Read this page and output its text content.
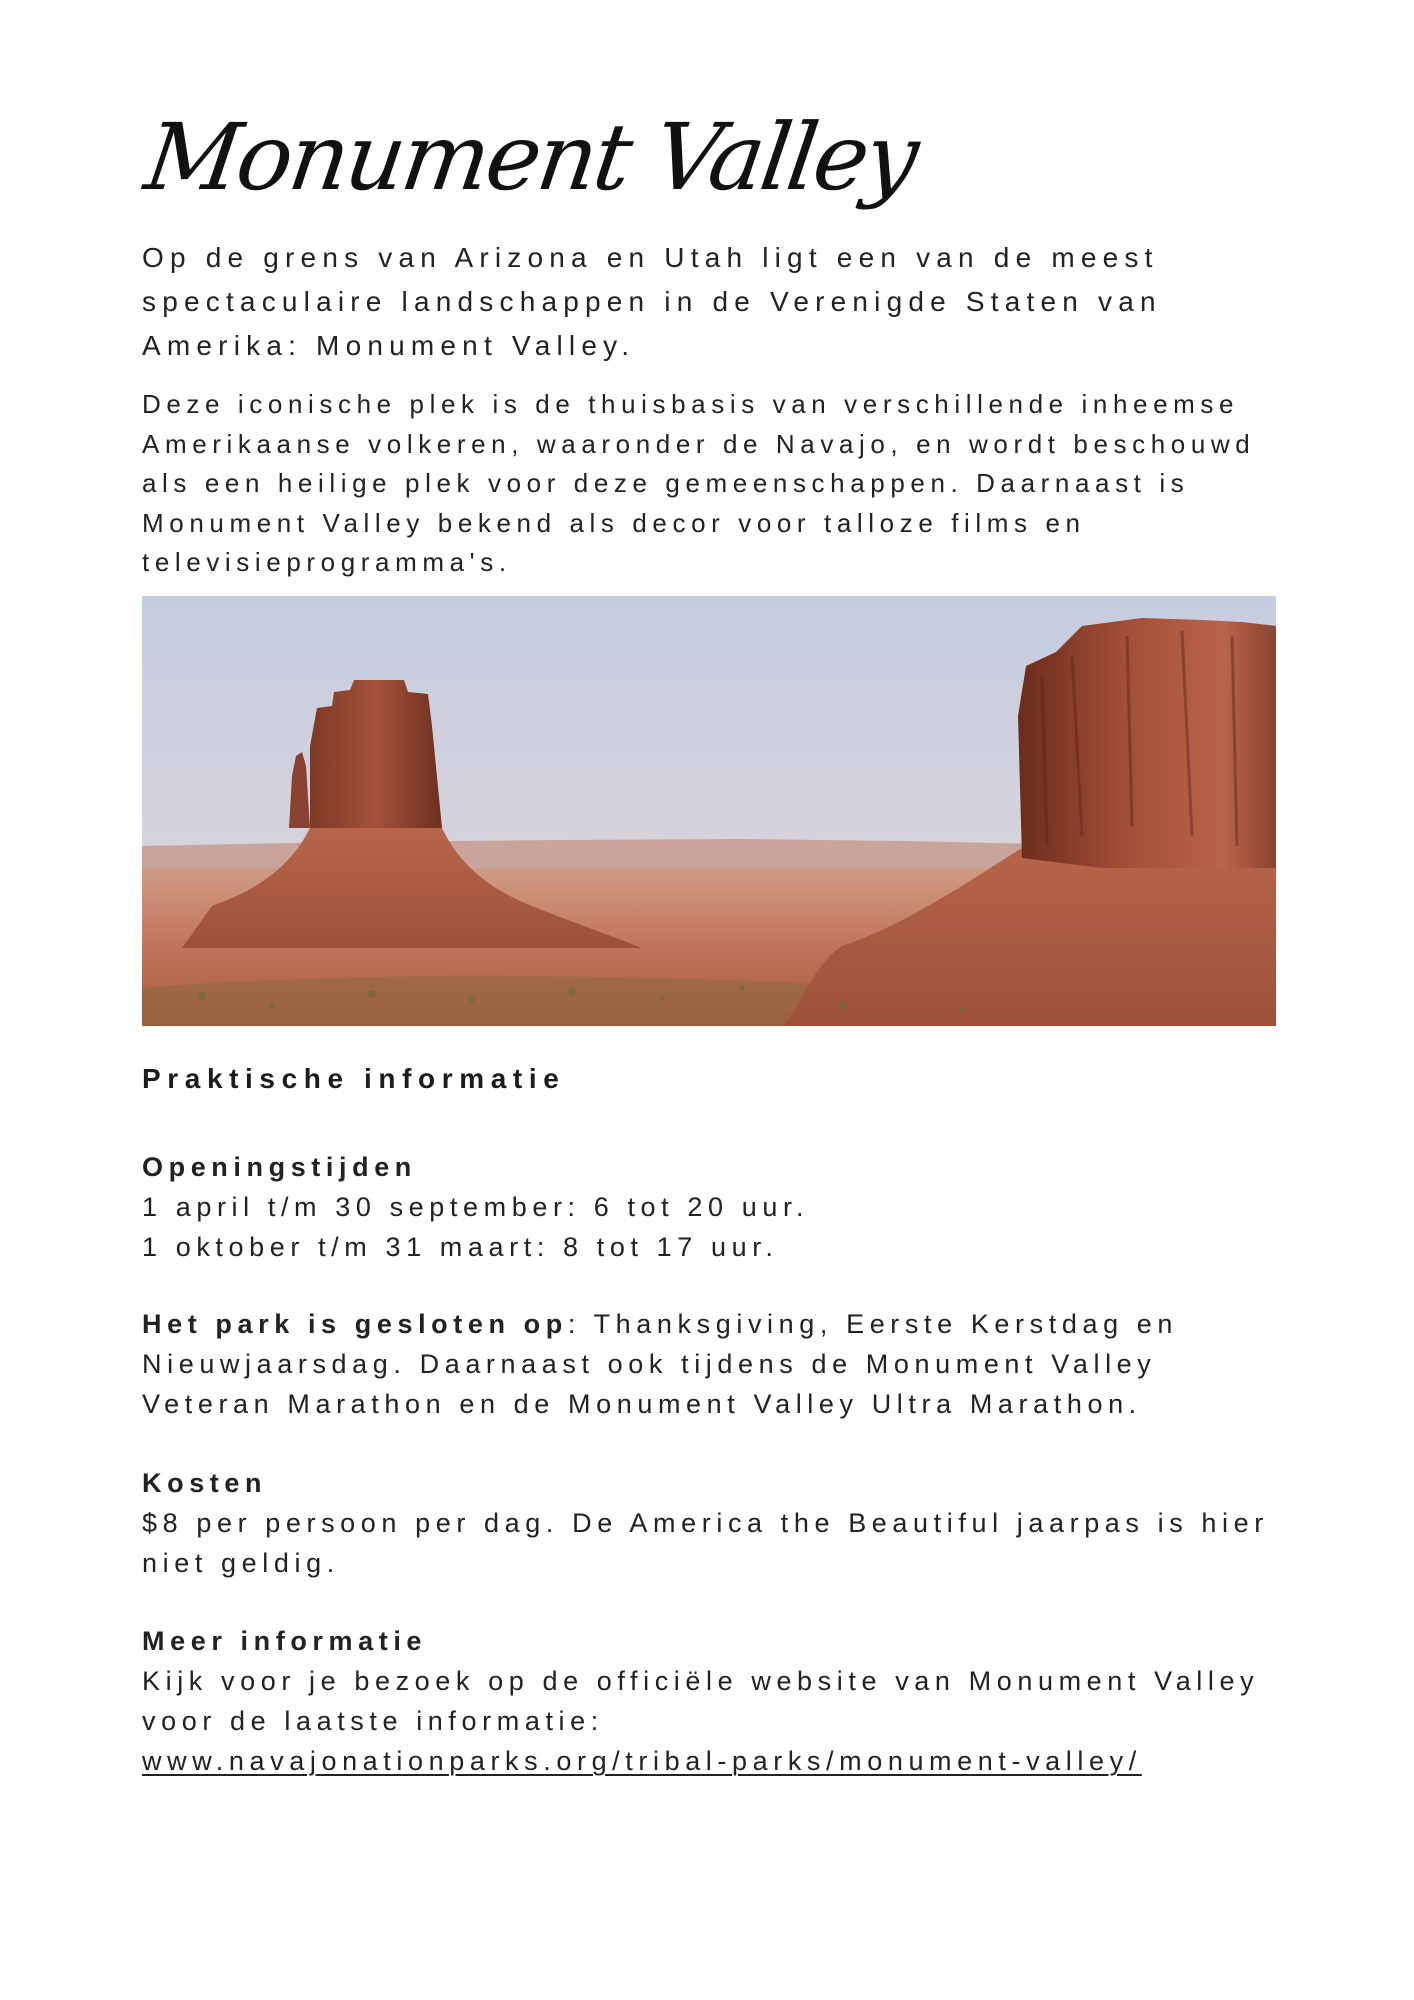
Monument Valley

Op de grens van Arizona en Utah ligt een van de meest spectaculaire landschappen in de Verenigde Staten van Amerika: Monument Valley.

Deze iconische plek is de thuisbasis van verschillende inheemse Amerikaanse volkeren, waaronder de Navajo, en wordt beschouwd als een heilige plek voor deze gemeenschappen. Daarnaast is Monument Valley bekend als decor voor talloze films en televisieprogramma's.

Praktische informatie
Openingstijden
1 april t/m 30 september: 6 tot 20 uur.
1 oktober t/m 31 maart: 8 tot 17 uur.
Het park is gesloten op: Thanksgiving, Eerste Kerstdag en Nieuwjaarsdag. Daarnaast ook tijdens de Monument Valley Veteran Marathon en de Monument Valley Ultra Marathon.
Kosten
$8 per persoon per dag. De America the Beautiful jaarpas is hier niet geldig.
Meer informatie
Kijk voor je bezoek op de officiële website van Monument Valley voor de laatste informatie:
www.navajonationparks.org/tribal-parks/monument-valley/
